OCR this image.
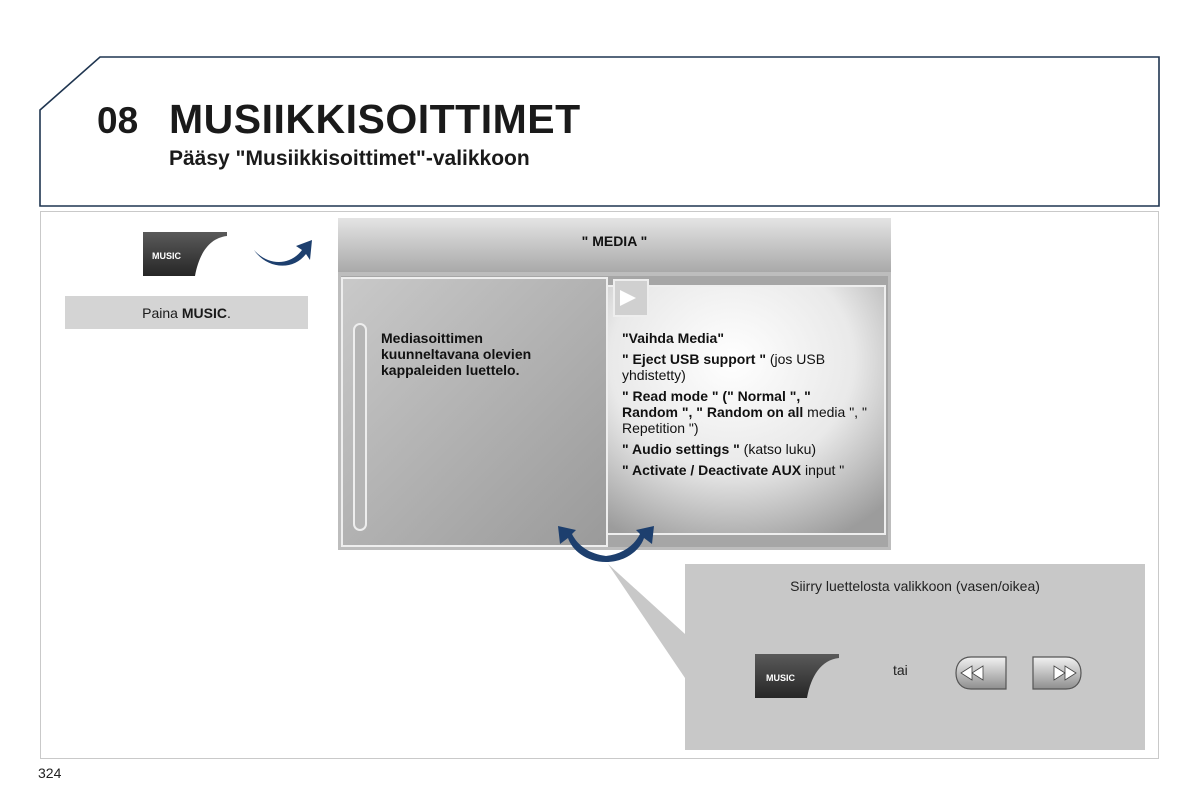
08 MUSIIKKISOITTIMET
Pääsy "Musiikkisoittimet"-valikkoon
MUSIC
Paina
MUSIC .
" MEDIA "
Mediasoittimen kuunneltavana olevien kappaleiden luettelo.
"Vaihda Media"
" Eject USB support " (jos USB yhdistetty)
" Read mode " (" Normal ", " Random ", " Random on all media ", " Repetition ")
" Audio settings " (katso luku)
" Activate / Deactivate AUX input "
Siirry luettelosta valikkoon (vasen/oikea)
MUSIC	tai
324
